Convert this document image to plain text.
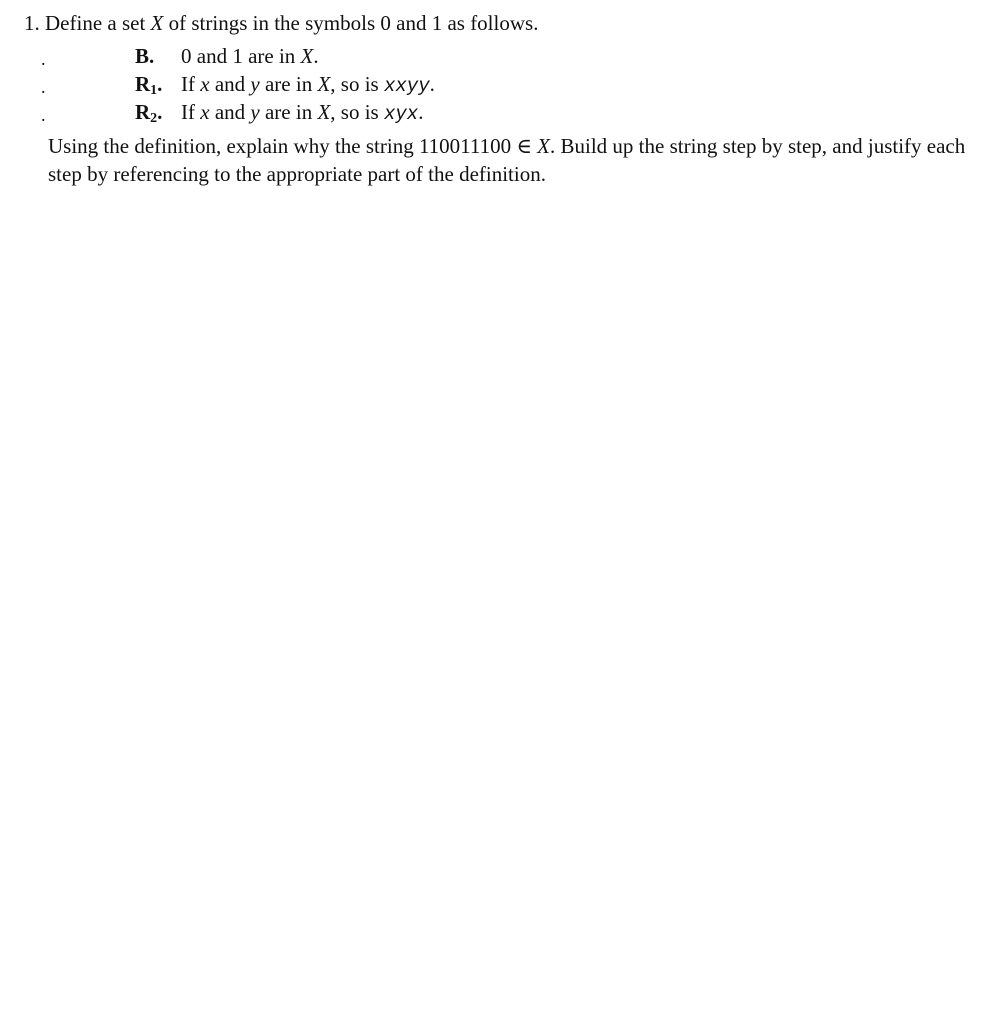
1. Define a set X of strings in the symbols 0 and 1 as follows.
.	B. 0 and 1 are in X.
.	$R_1$. If x and y are in X, so is xxyy.
.	$R_2$. If x and y are in X, so is xyx.
Using the definition, explain why the string 110011100 ∈ X. Build up the string step by step, and justify each step by referencing to the appropriate part of the definition.
